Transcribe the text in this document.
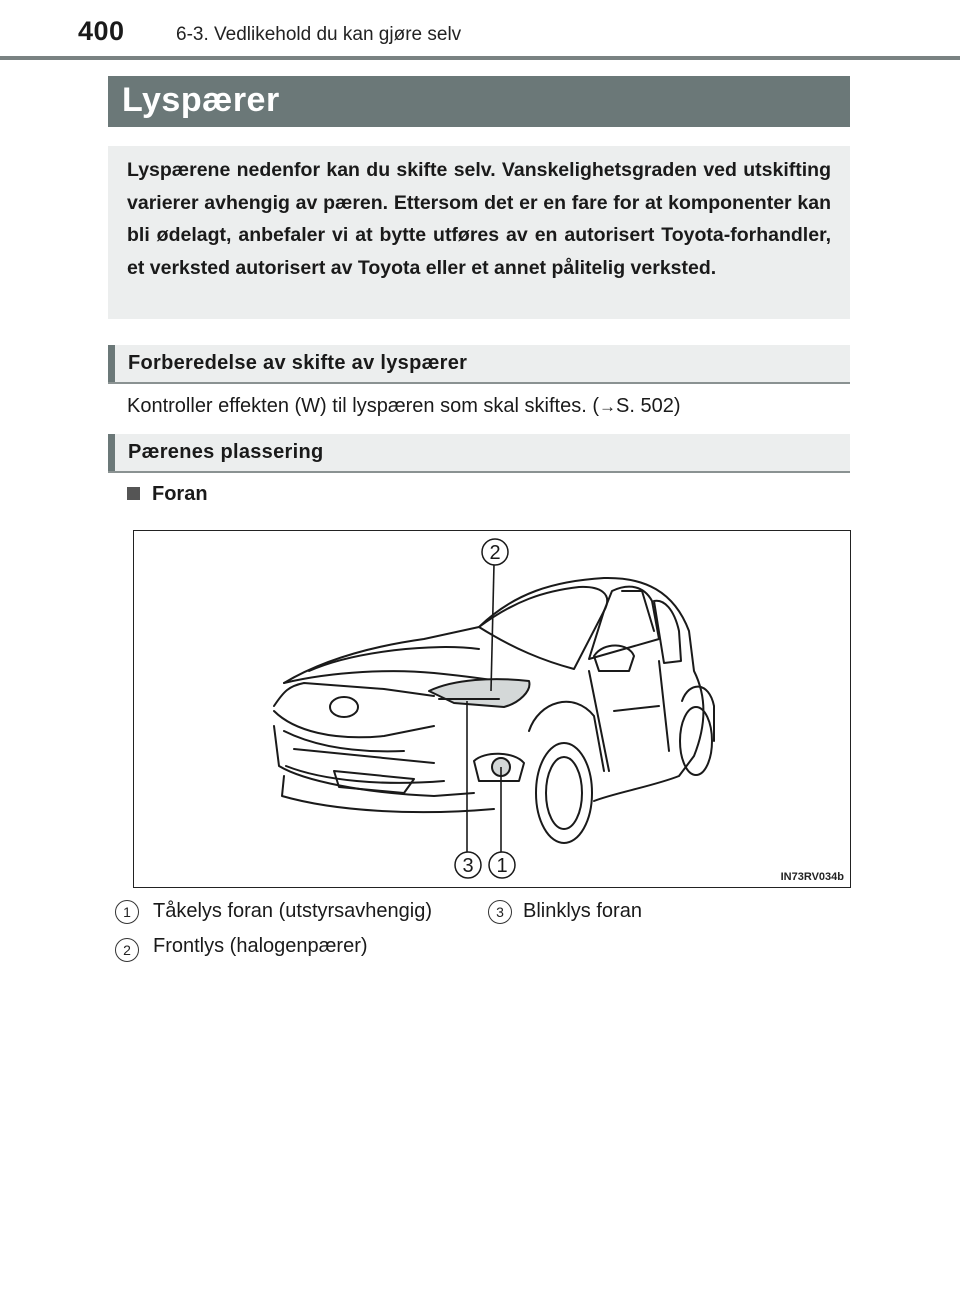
400	6-3. Vedlikehold du kan gjøre selv
Lyspærer
Lyspærene nedenfor kan du skifte selv. Vanskelighetsgraden ved utskifting varierer avhengig av pæren. Ettersom det er en fare for at komponenter kan bli ødelagt, anbefaler vi at bytte utføres av en autorisert Toyota-forhandler, et verksted autorisert av Toyota eller et annet pålitelig verksted.
Forberedelse av skifte av lyspærer
Kontroller effekten (W) til lyspæren som skal skiftes. (→S. 502)
Pærenes plassering
Foran
2
3 1	IN73RV034b
1	Tåkelys foran (utstyrsavhengig)
2	Frontlys (halogenpærer)
3 Blinklys foran
